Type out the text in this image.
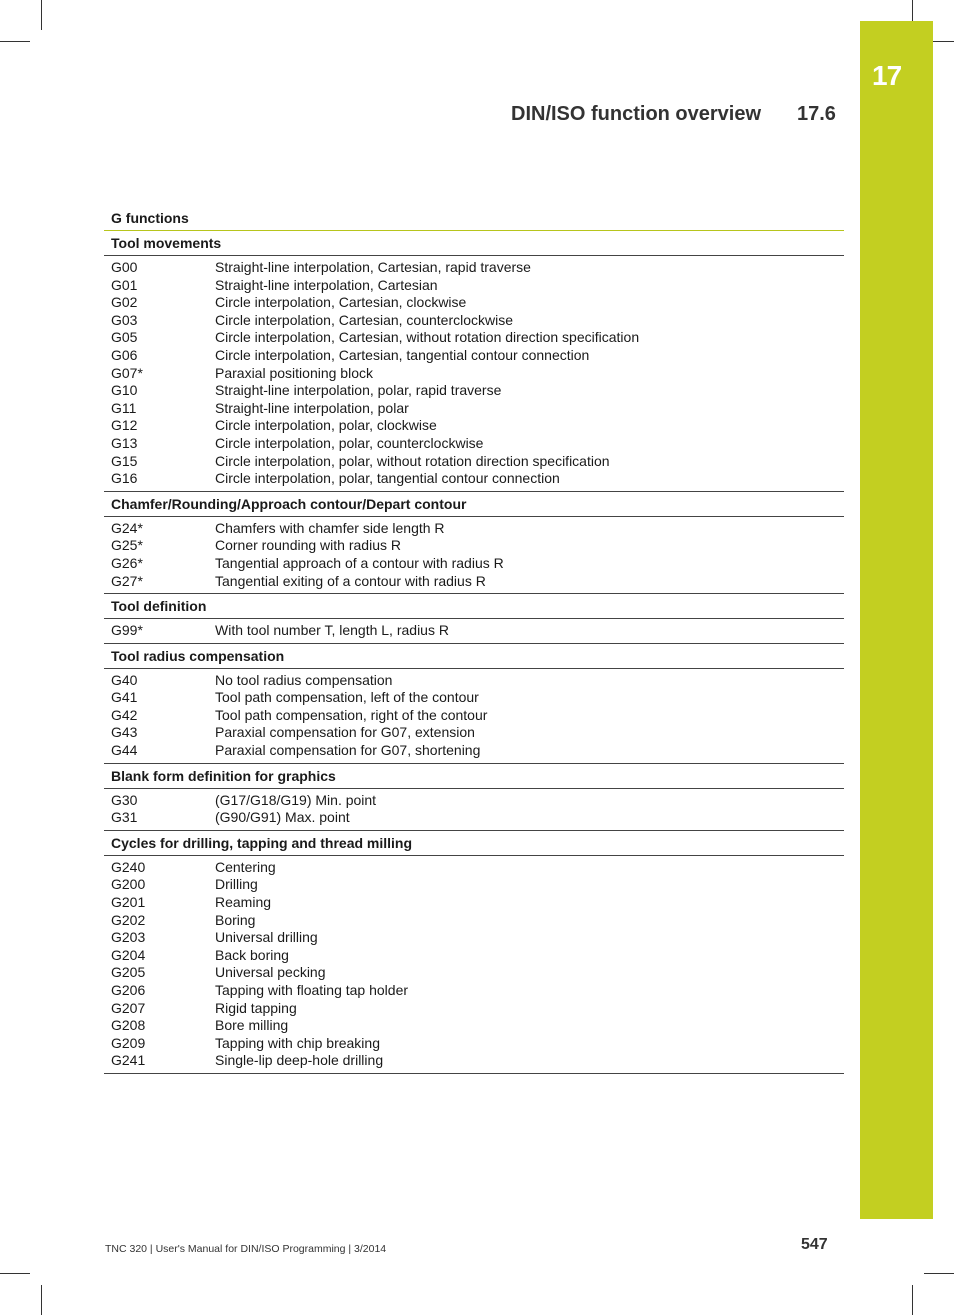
17
DIN/ISO function overview 17.6
G functions
Tool movements
G00	Straight-line interpolation, Cartesian, rapid traverse
G01	Straight-line interpolation, Cartesian
G02	Circle interpolation, Cartesian, clockwise
G03	Circle interpolation, Cartesian, counterclockwise
G05	Circle interpolation, Cartesian, without rotation direction specification
G06	Circle interpolation, Cartesian, tangential contour connection
G07*	Paraxial positioning block
G10	Straight-line interpolation, polar, rapid traverse
G11	Straight-line interpolation, polar
G12	Circle interpolation, polar, clockwise
G13	Circle interpolation, polar, counterclockwise
G15	Circle interpolation, polar, without rotation direction specification
G16	Circle interpolation, polar, tangential contour connection
Chamfer/Rounding/Approach contour/Depart contour
G24*	Chamfers with chamfer side length R
G25*	Corner rounding with radius R
G26*	Tangential approach of a contour with radius R
G27*	Tangential exiting of a contour with radius R
Tool definition
G99*	With tool number T, length L, radius R
Tool radius compensation
G40	No tool radius compensation
G41	Tool path compensation, left of the contour
G42	Tool path compensation, right of the contour
G43	Paraxial compensation for G07, extension
G44	Paraxial compensation for G07, shortening
Blank form definition for graphics
G30	(G17/G18/G19) Min. point
G31	(G90/G91) Max. point
Cycles for drilling, tapping and thread milling
G240	Centering
G200	Drilling
G201	Reaming
G202	Boring
G203	Universal drilling
G204	Back boring
G205	Universal pecking
G206	Tapping with floating tap holder
G207	Rigid tapping
G208	Bore milling
G209	Tapping with chip breaking
G241	Single-lip deep-hole drilling
TNC 320 | User's Manual for DIN/ISO Programming | 3/2014	547
